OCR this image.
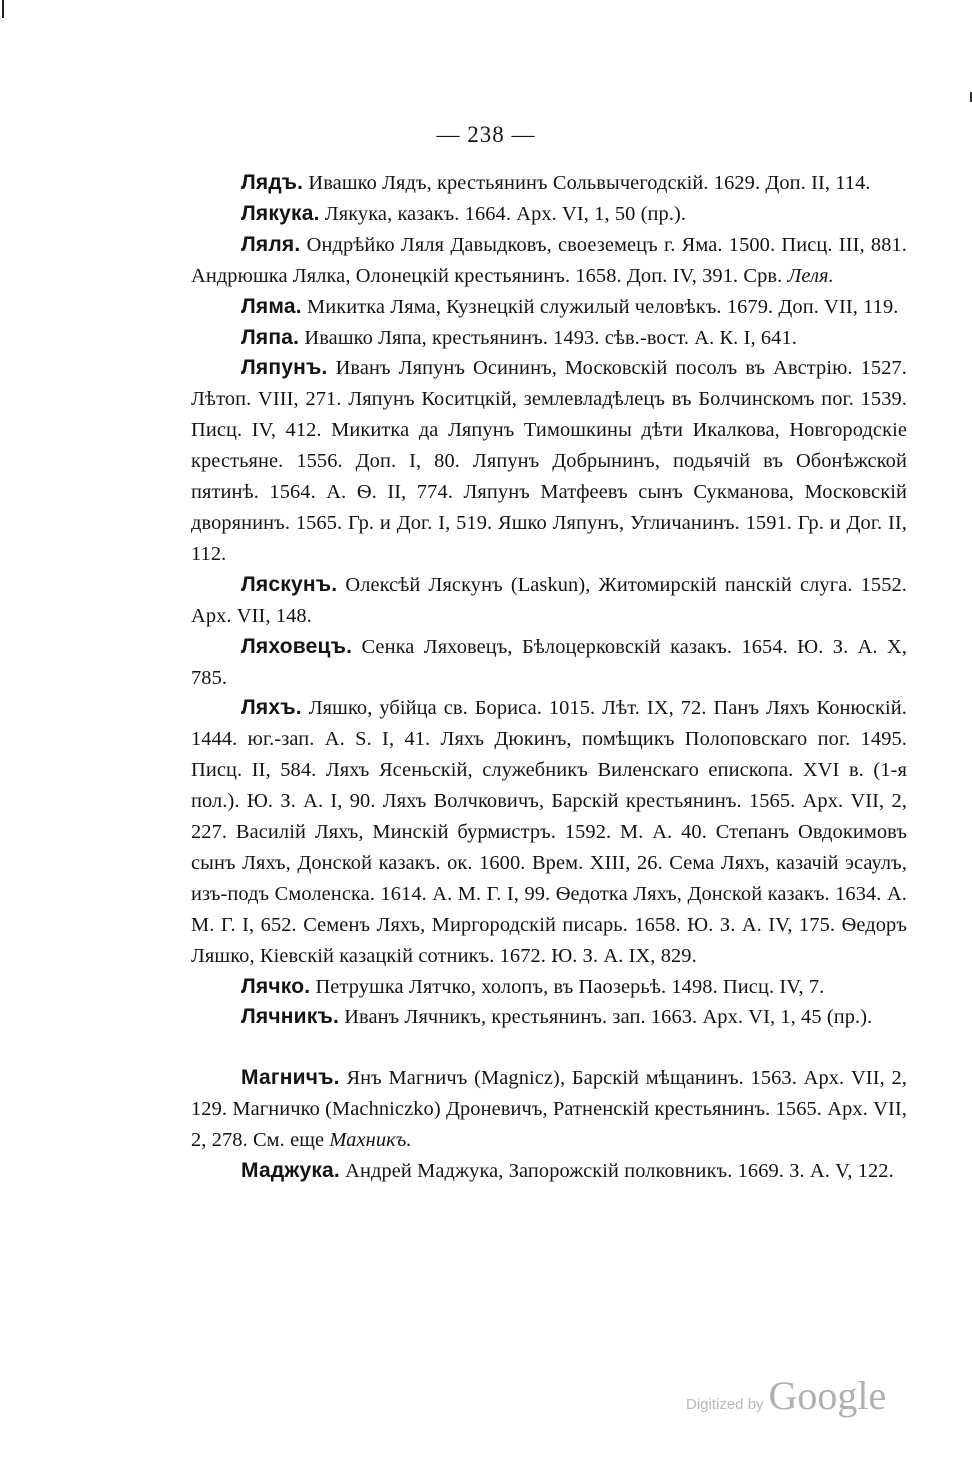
— 238 —

Лядъ. Ивашко Лядъ, крестьянинъ Сольвычегодскій. 1629. Доп. II, 114.

Лякука. Лякука, казакъ. 1664. Арх. VI, 1, 50 (пр.).

Ляля. Ондрѣйко Ляля Давыдковъ, своеземецъ г. Яма. 1500. Писц. III, 881. Андрюшка Лялка, Олонецкій крестьянинъ. 1658. Доп. IV, 391. Срв. Леля.

Ляма. Микитка Ляма, Кузнецкій служилый человѣкъ. 1679. Доп. VII, 119.

Ляпа. Ивашко Ляпа, крестьянинъ. 1493. сѣв.-вост. А. К. I, 641.

Ляпунъ. Иванъ Ляпунъ Осининъ, Московскій посолъ въ Австрію. 1527. Лѣтоп. VIII, 271. Ляпунъ Коситцкій, землевладѣлецъ въ Болчинскомъ пог. 1539. Писц. IV, 412. Микитка да Ляпунъ Тимошкины дѣти Икалкова, Новгородскіе крестьяне. 1556. Доп. I, 80. Ляпунъ Добрынинъ, подьячій въ Обонѣжской пятинѣ. 1564. А. Ѳ. II, 774. Ляпунъ Матфеевъ сынъ Сукманова, Московскій дворянинъ. 1565. Гр. и Дог. I, 519. Яшко Ляпунъ, Угличанинъ. 1591. Гр. и Дог. II, 112.

Ляскунъ. Олексѣй Ляскунъ (Laskun), Житомирскій панскій слуга. 1552. Арх. VII, 148.

Ляховецъ. Сенка Ляховецъ, Бѣлоцерковскій казакъ. 1654. Ю. З. А. X, 785.

Ляхъ. Ляшко, убійца св. Бориса. 1015. Лѣт. IX, 72. Панъ Ляхъ Конюскій. 1444. юг.-зап. А. S. I, 41. Ляхъ Дюкинъ, помѣщикъ Полоповскаго пог. 1495. Писц. II, 584. Ляхъ Ясеньскій, служебникъ Виленскаго епископа. XVI в. (1-я пол.). Ю. З. А. I, 90. Ляхъ Волчковичъ, Барскій крестьянинъ. 1565. Арх. VII, 2, 227. Василій Ляхъ, Минскій бурмистръ. 1592. М. А. 40. Степанъ Овдокимовъ сынъ Ляхъ, Донской казакъ. ок. 1600. Врем. XIII, 26. Сема Ляхъ, казачій эсаулъ, изъ-подъ Смоленска. 1614. А. М. Г. I, 99. Ѳедотка Ляхъ, Донской казакъ. 1634. А. М. Г. I, 652. Семенъ Ляхъ, Миргородскій писарь. 1658. Ю. З. А. IV, 175. Ѳедоръ Ляшко, Кіевскій казацкій сотникъ. 1672. Ю. З. А. IX, 829.

Лячко. Петрушка Лятчко, холопъ, въ Паозерьѣ. 1498. Писц. IV, 7.

Лячникъ. Иванъ Лячникъ, крестьянинъ. зап. 1663. Арх. VI, 1, 45 (пр.).

Магничъ. Янъ Магничъ (Magnicz), Барскій мѣщанинъ. 1563. Арх. VII, 2, 129. Магничко (Machniczko) Дроневичъ, Ратненскій крестьянинъ. 1565. Арх. VII, 2, 278. См. еще Махникъ.

Маджука. Андрей Маджука, Запорожскій полковникъ. 1669. З. А. V, 122.

Digitized by Google
